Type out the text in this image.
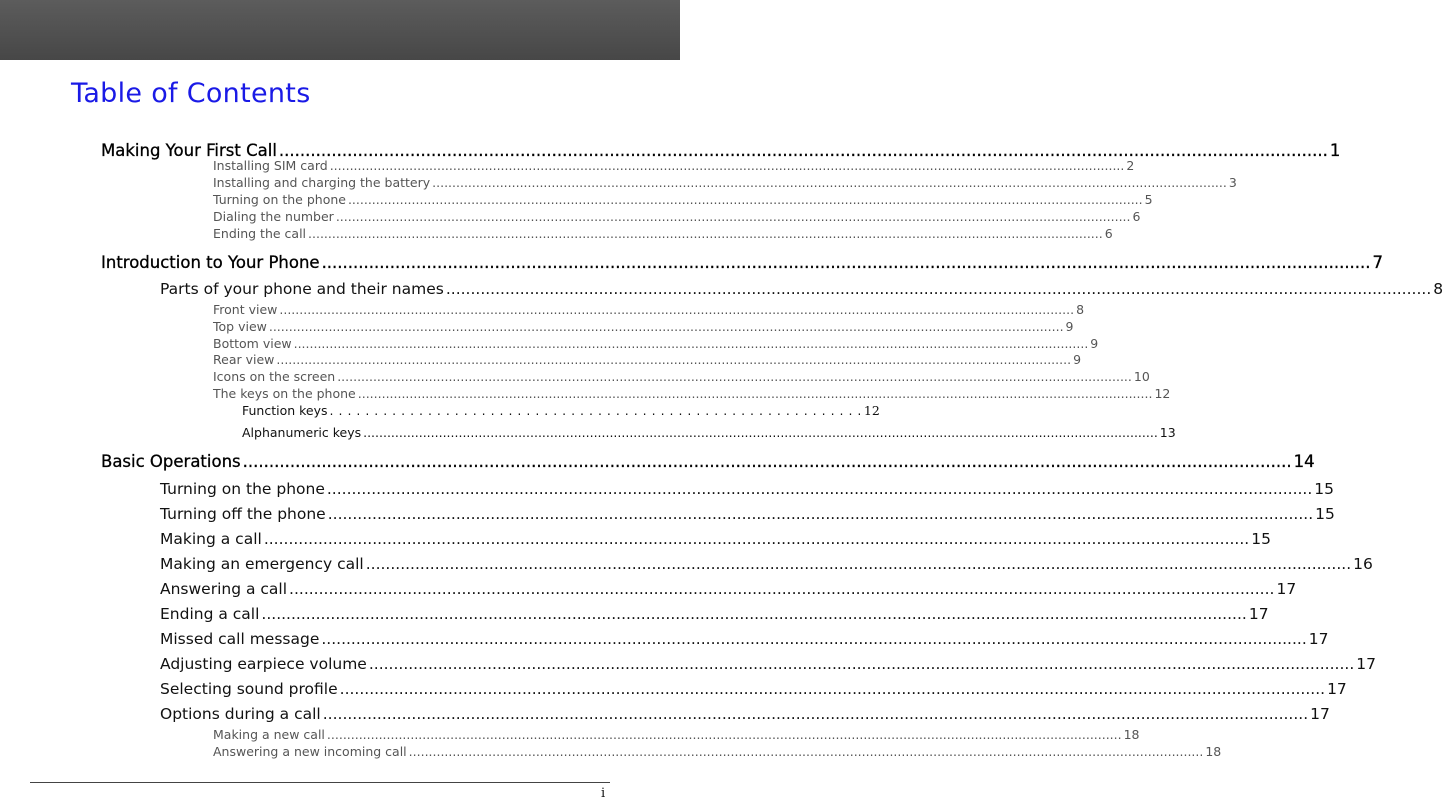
Table of Contents
Making Your First Call ........................................................................................................................................................................................................ 1
Installing SIM card ........................................................................................................................................................................................................ 2
Installing and charging the battery ........................................................................................................................................................................................................ 3
Turning on the phone ........................................................................................................................................................................................................ 5
Dialing the number ........................................................................................................................................................................................................ 6
Ending the call ........................................................................................................................................................................................................ 6
Introduction to Your Phone ........................................................................................................................................................................................................ 7
Parts of your phone and their names ........................................................................................................................................................................................................ 8
Front view ........................................................................................................................................................................................................ 8
Top view ........................................................................................................................................................................................................ 9
Bottom view ........................................................................................................................................................................................................ 9
Rear view ........................................................................................................................................................................................................ 9
Icons on the screen ........................................................................................................................................................................................................ 10
The keys on the phone ........................................................................................................................................................................................................ 12
Function keys . . . . . . . . . . . . . . . . . . . . . . . . . . . . . . . . . . . . . . . . . . . . . . . . . . . . . . . . . . . . 12
Alphanumeric keys ........................................................................................................................................................................................................ 13
Basic Operations ........................................................................................................................................................................................................ 14
Turning on the phone ........................................................................................................................................................................................................ 15
Turning off the phone ........................................................................................................................................................................................................ 15
Making a call ........................................................................................................................................................................................................ 15
Making an emergency call ........................................................................................................................................................................................................ 16
Answering a call ........................................................................................................................................................................................................ 17
Ending a call ........................................................................................................................................................................................................ 17
Missed call message ........................................................................................................................................................................................................ 17
Adjusting earpiece volume ........................................................................................................................................................................................................ 17
Selecting sound profile ........................................................................................................................................................................................................ 17
Options during a call ........................................................................................................................................................................................................ 17
Making a new call ........................................................................................................................................................................................................ 18
Answering a new incoming call ........................................................................................................................................................................................................ 18
i
